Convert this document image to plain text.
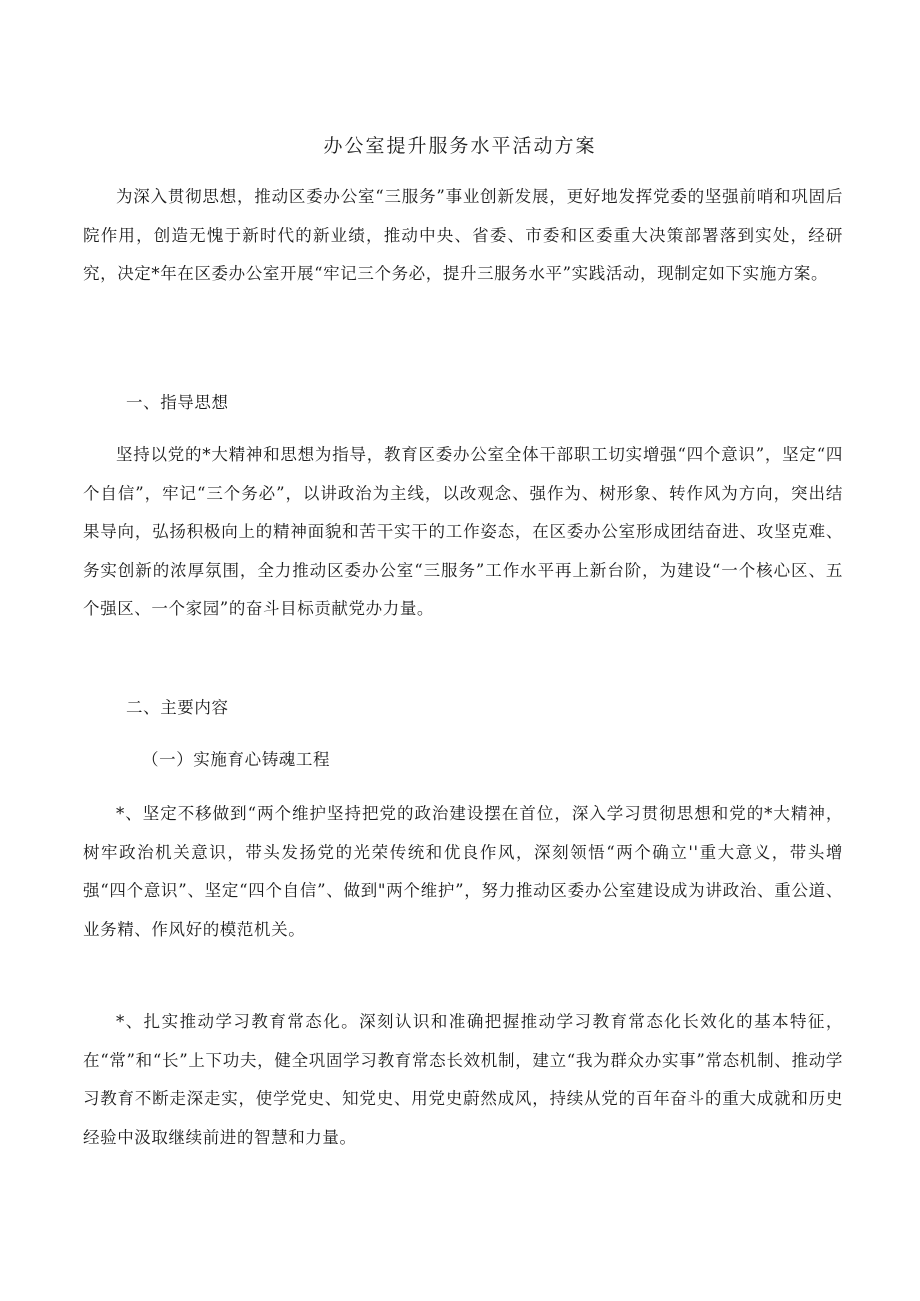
办公室提升服务水平活动方案

为深入贯彻思想，推动区委办公室“三服务”事业创新发展，更好地发挥党委的坚强前哨和巩固后院作用，创造无愧于新时代的新业绩，推动中央、省委、市委和区委重大决策部署落到实处，经研究，决定*年在区委办公室开展“牢记三个务必，提升三服务水平”实践活动，现制定如下实施方案。

一、指导思想

坚持以党的*大精神和思想为指导，教育区委办公室全体干部职工切实增强“四个意识”，坚定“四个自信”，牢记“三个务必”，以讲政治为主线，以改观念、强作为、树形象、转作风为方向，突出结果导向，弘扬积极向上的精神面貌和苦干实干的工作姿态，在区委办公室形成团结奋进、攻坚克难、务实创新的浓厚氛围，全力推动区委办公室“三服务”工作水平再上新台阶，为建设“一个核心区、五个强区、一个家园”的奋斗目标贡献党办力量。

二、主要内容

（一）实施育心铸魂工程

*、坚定不移做到“两个维护坚持把党的政治建设摆在首位，深入学习贯彻思想和党的*大精神，树牢政治机关意识，带头发扬党的光荣传统和优良作风，深刻领悟“两个确立''重大意义，带头增强“四个意识”、坚定“四个自信”、做到"两个维护”，努力推动区委办公室建设成为讲政治、重公道、业务精、作风好的模范机关。

*、扎实推动学习教育常态化。深刻认识和准确把握推动学习教育常态化长效化的基本特征，在“常”和“长”上下功夫，健全巩固学习教育常态长效机制，建立“我为群众办实事”常态机制、推动学习教育不断走深走实，使学党史、知党史、用党史蔚然成风，持续从党的百年奋斗的重大成就和历史经验中汲取继续前进的智慧和力量。
